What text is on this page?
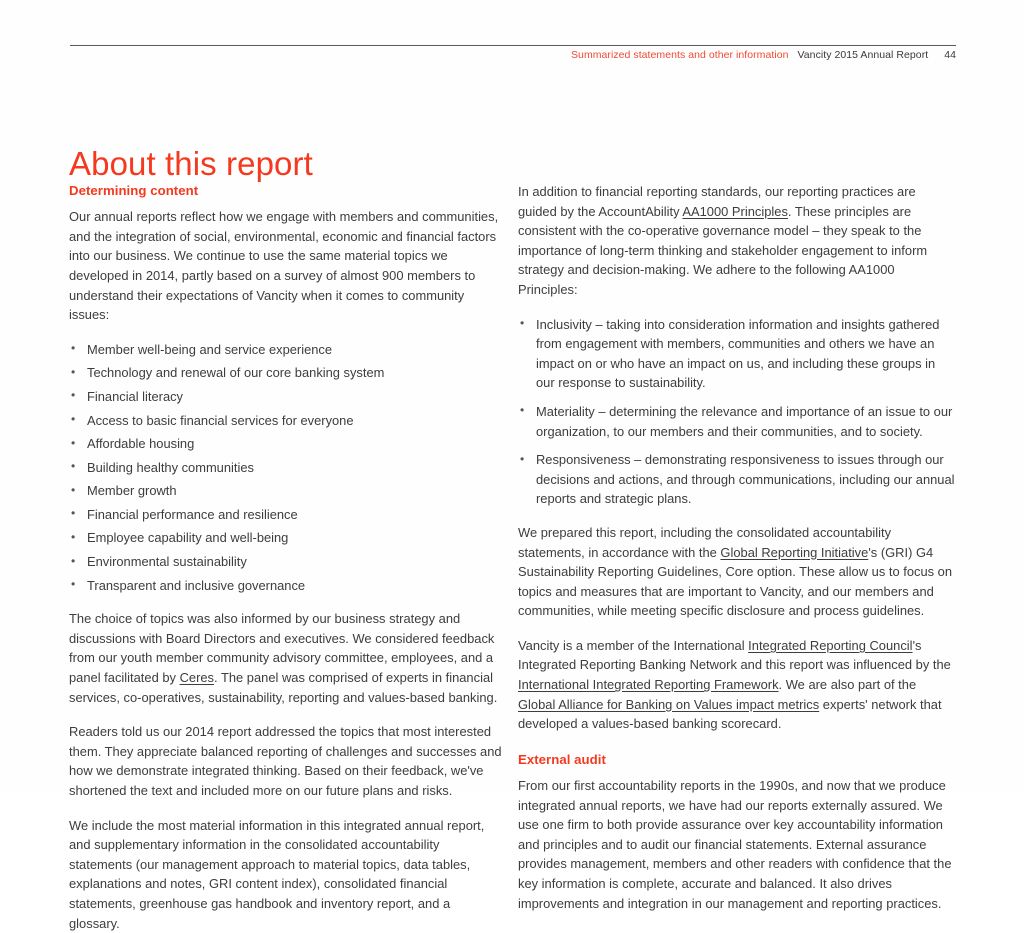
Summarized statements and other information Vancity 2015 Annual Report 44
About this report
Determining content

Our annual reports reflect how we engage with members and communities, and the integration of social, environmental, economic and financial factors into our business. We continue to use the same material topics we developed in 2014, partly based on a survey of almost 900 members to understand their expectations of Vancity when it comes to community issues:

• Member well-being and service experience
• Technology and renewal of our core banking system
• Financial literacy
• Access to basic financial services for everyone
• Affordable housing
• Building healthy communities
• Member growth
• Financial performance and resilience
• Employee capability and well-being
• Environmental sustainability
• Transparent and inclusive governance

The choice of topics was also informed by our business strategy and discussions with Board Directors and executives. We considered feedback from our youth member community advisory committee, employees, and a panel facilitated by Ceres. The panel was comprised of experts in financial services, co-operatives, sustainability, reporting and values-based banking.

Readers told us our 2014 report addressed the topics that most interested them. They appreciate balanced reporting of challenges and successes and how we demonstrate integrated thinking. Based on their feedback, we've shortened the text and included more on our future plans and risks.

We include the most material information in this integrated annual report, and supplementary information in the consolidated accountability statements (our management approach to material topics, data tables, explanations and notes, GRI content index), consolidated financial statements, greenhouse gas handbook and inventory report, and a glossary.

In addition to financial reporting standards, our reporting practices are guided by the AccountAbility AA1000 Principles. These principles are consistent with the co-operative governance model – they speak to the importance of long-term thinking and stakeholder engagement to inform strategy and decision-making. We adhere to the following AA1000 Principles:

• Inclusivity – taking into consideration information and insights gathered from engagement with members, communities and others we have an impact on or who have an impact on us, and including these groups in our response to sustainability.
• Materiality – determining the relevance and importance of an issue to our organization, to our members and their communities, and to society.
• Responsiveness – demonstrating responsiveness to issues through our decisions and actions, and through communications, including our annual reports and strategic plans.

We prepared this report, including the consolidated accountability statements, in accordance with the Global Reporting Initiative's (GRI) G4 Sustainability Reporting Guidelines, Core option. These allow us to focus on topics and measures that are important to Vancity, and our members and communities, while meeting specific disclosure and process guidelines.

Vancity is a member of the International Integrated Reporting Council's Integrated Reporting Banking Network and this report was influenced by the International Integrated Reporting Framework. We are also part of the Global Alliance for Banking on Values impact metrics experts' network that developed a values-based banking scorecard.

External audit

From our first accountability reports in the 1990s, and now that we produce integrated annual reports, we have had our reports externally assured. We use one firm to both provide assurance over key accountability information and principles and to audit our financial statements. External assurance provides management, members and other readers with confidence that the key information is complete, accurate and balanced. It also drives improvements and integration in our management and reporting practices.
